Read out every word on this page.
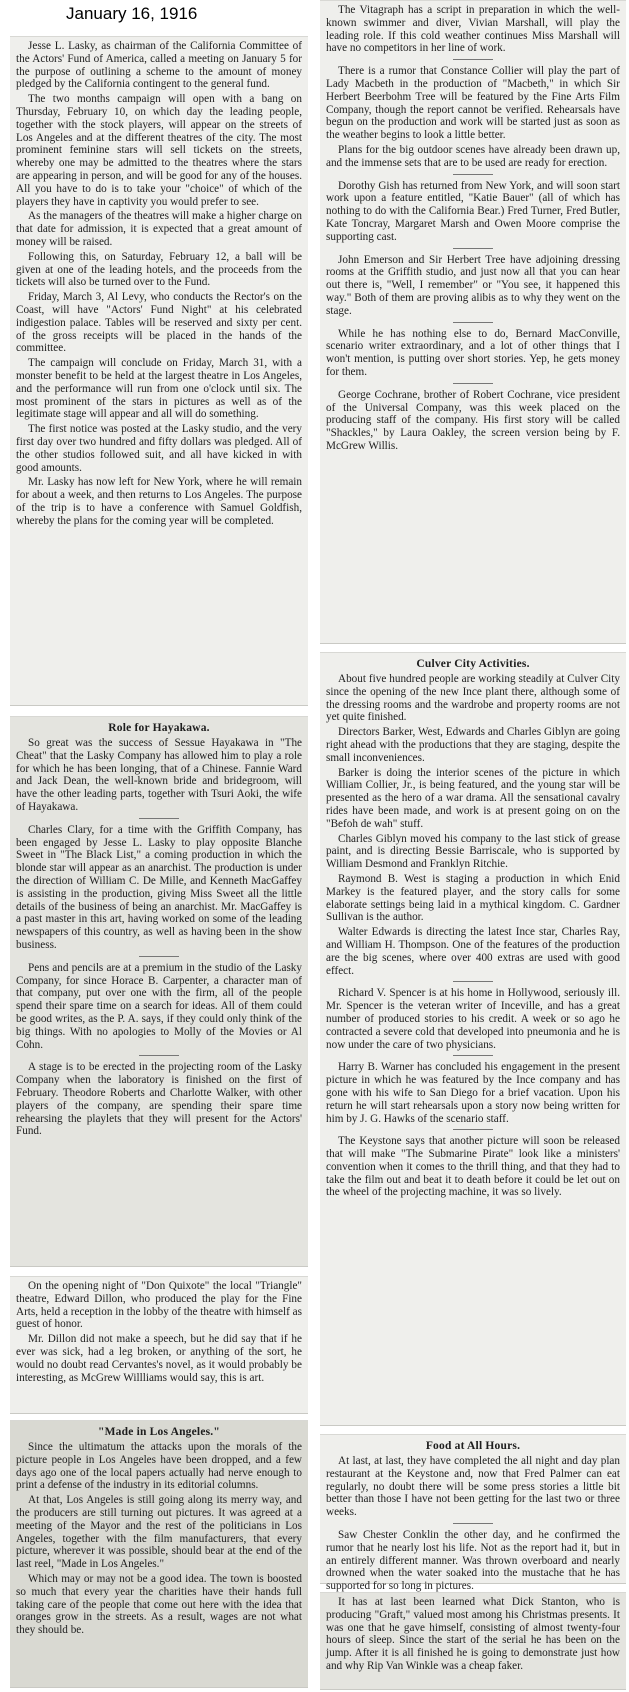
January 16, 1916

Jesse L. Lasky, as chairman of the California Committee of the Actors' Fund of America, called a meeting on January 5 for the purpose of outlining a scheme to the amount of money pledged by the California contingent to the general fund.

The two months campaign will open with a bang on Thursday, February 10, on which day the leading people, together with the stock players, will appear on the streets of Los Angeles and at the different theatres of the city. The most prominent feminine stars will sell tickets on the streets, whereby one may be admitted to the theatres where the stars are appearing in person, and will be good for any of the houses. All you have to do is to take your "choice" of which of the players they have in captivity you would prefer to see.

As the managers of the theatres will make a higher charge on that date for admission, it is expected that a great amount of money will be raised.

Following this, on Saturday, February 12, a ball will be given at one of the leading hotels, and the proceeds from the tickets will also be turned over to the Fund.

Friday, March 3, Al Levy, who conducts the Rector's on the Coast, will have "Actors' Fund Night" at his celebrated indigestion palace. Tables will be reserved and sixty per cent. of the gross receipts will be placed in the hands of the committee.

The campaign will conclude on Friday, March 31, with a monster benefit to be held at the largest theatre in Los Angeles, and the performance will run from one o'clock until six. The most prominent of the stars in pictures as well as of the legitimate stage will appear and all will do something.

The first notice was posted at the Lasky studio, and the very first day over two hundred and fifty dollars was pledged. All of the other studios followed suit, and all have kicked in with good amounts.

Mr. Lasky has now left for New York, where he will remain for about a week, and then returns to Los Angeles. The purpose of the trip is to have a conference with Samuel Goldfish, whereby the plans for the coming year will be completed.

Role for Hayakawa.

So great was the success of Sessue Hayakawa in "The Cheat" that the Lasky Company has allowed him to play a role for which he has been longing, that of a Chinese. Fannie Ward and Jack Dean, the well-known bride and bridegroom, will have the other leading parts, together with Tsuri Aoki, the wife of Hayakawa.

Charles Clary, for a time with the Griffith Company, has been engaged by Jesse L. Lasky to play opposite Blanche Sweet in "The Black List," a coming production in which the blonde star will appear as an anarchist. The production is under the direction of William C. De Mille, and Kenneth MacGaffey is assisting in the production, giving Miss Sweet all the little details of the business of being an anarchist. Mr. MacGaffey is a past master in this art, having worked on some of the leading newspapers of this country, as well as having been in the show business.

Pens and pencils are at a premium in the studio of the Lasky Company, for since Horace B. Carpenter, a character man of that company, put over one with the firm, all of the people spend their spare time on a search for ideas. All of them could be good writes, as the P. A. says, if they could only think of the big things. With no apologies to Molly of the Movies or Al Cohn.

A stage is to be erected in the projecting room of the Lasky Company when the laboratory is finished on the first of February. Theodore Roberts and Charlotte Walker, with other players of the company, are spending their spare time rehearsing the playlets that they will present for the Actors' Fund.

On the opening night of "Don Quixote" the local "Triangle" theatre, Edward Dillon, who produced the play for the Fine Arts, held a reception in the lobby of the theatre with himself as guest of honor.

Mr. Dillon did not make a speech, but he did say that if he ever was sick, had a leg broken, or anything of the sort, he would no doubt read Cervantes's novel, as it would probably be interesting, as McGrew Willliams would say, this is art.

"Made in Los Angeles."

Since the ultimatum the attacks upon the morals of the picture people in Los Angeles have been dropped, and a few days ago one of the local papers actually had nerve enough to print a defense of the industry in its editorial columns.

At that, Los Angeles is still going along its merry way, and the producers are still turning out pictures. It was agreed at a meeting of the Mayor and the rest of the politicians in Los Angeles, together with the film manufacturers, that every picture, wherever it was possible, should bear at the end of the last reel, "Made in Los Angeles."

Which may or may not be a good idea. The town is boosted so much that every year the charities have their hands full taking care of the people that come out here with the idea that oranges grow in the streets. As a result, wages are not what they should be.

The Vitagraph has a script in preparation in which the well-known swimmer and diver, Vivian Marshall, will play the leading role. If this cold weather continues Miss Marshall will have no competitors in her line of work.

There is a rumor that Constance Collier will play the part of Lady Macbeth in the production of "Macbeth," in which Sir Herbert Beerbohm Tree will be featured by the Fine Arts Film Company, though the report cannot be verified. Rehearsals have begun on the production and work will be started just as soon as the weather begins to look a little better.

Plans for the big outdoor scenes have already been drawn up, and the immense sets that are to be used are ready for erection.

Dorothy Gish has returned from New York, and will soon start work upon a feature entitled, "Katie Bauer" (all of which has nothing to do with the California Bear.) Fred Turner, Fred Butler, Kate Toncray, Margaret Marsh and Owen Moore comprise the supporting cast.

John Emerson and Sir Herbert Tree have adjoining dressing rooms at the Griffith studio, and just now all that you can hear out there is, "Well, I remember" or "You see, it happened this way." Both of them are proving alibis as to why they went on the stage.

While he has nothing else to do, Bernard MacConville, scenario writer extraordinary, and a lot of other things that I won't mention, is putting over short stories. Yep, he gets money for them.

George Cochrane, brother of Robert Cochrane, vice president of the Universal Company, was this week placed on the producing staff of the company. His first story will be called "Shackles," by Laura Oakley, the screen version being by F. McGrew Willis.

Culver City Activities.

About five hundred people are working steadily at Culver City since the opening of the new Ince plant there, although some of the dressing rooms and the wardrobe and property rooms are not yet quite finished.

Directors Barker, West, Edwards and Charles Giblyn are going right ahead with the productions that they are staging, despite the small inconveniences.

Barker is doing the interior scenes of the picture in which William Collier, Jr., is being featured, and the young star will be presented as the hero of a war drama. All the sensational cavalry rides have been made, and work is at present going on on the "Befoh de wah" stuff.

Charles Giblyn moved his company to the last stick of grease paint, and is directing Bessie Barriscale, who is supported by William Desmond and Franklyn Ritchie.

Raymond B. West is staging a production in which Enid Markey is the featured player, and the story calls for some elaborate settings being laid in a mythical kingdom. C. Gardner Sullivan is the author.

Walter Edwards is directing the latest Ince star, Charles Ray, and William H. Thompson. One of the features of the production are the big scenes, where over 400 extras are used with good effect.

Richard V. Spencer is at his home in Hollywood, seriously ill. Mr. Spencer is the veteran writer of Inceville, and has a great number of produced stories to his credit. A week or so ago he contracted a severe cold that developed into pneumonia and he is now under the care of two physicians.

Harry B. Warner has concluded his engagement in the present picture in which he was featured by the Ince company and has gone with his wife to San Diego for a brief vacation. Upon his return he will start rehearsals upon a story now being written for him by J. G. Hawks of the scenario staff.

The Keystone says that another picture will soon be released that will make "The Submarine Pirate" look like a ministers' convention when it comes to the thrill thing, and that they had to take the film out and beat it to death before it could be let out on the wheel of the projecting machine, it was so lively.

Food at All Hours.

At last, at last, they have completed the all night and day plan restaurant at the Keystone and, now that Fred Palmer can eat regularly, no doubt there will be some press stories a little bit better than those I have not been getting for the last two or three weeks.

Saw Chester Conklin the other day, and he confirmed the rumor that he nearly lost his life. Not as the report had it, but in an entirely different manner. Was thrown overboard and nearly drowned when the water soaked into the mustache that he has supported for so long in pictures.

It has at last been learned what Dick Stanton, who is producing "Graft," valued most among his Christmas presents. It was one that he gave himself, consisting of almost twenty-four hours of sleep. Since the start of the serial he has been on the jump. After it is all finished he is going to demonstrate just how and why Rip Van Winkle was a cheap faker.
